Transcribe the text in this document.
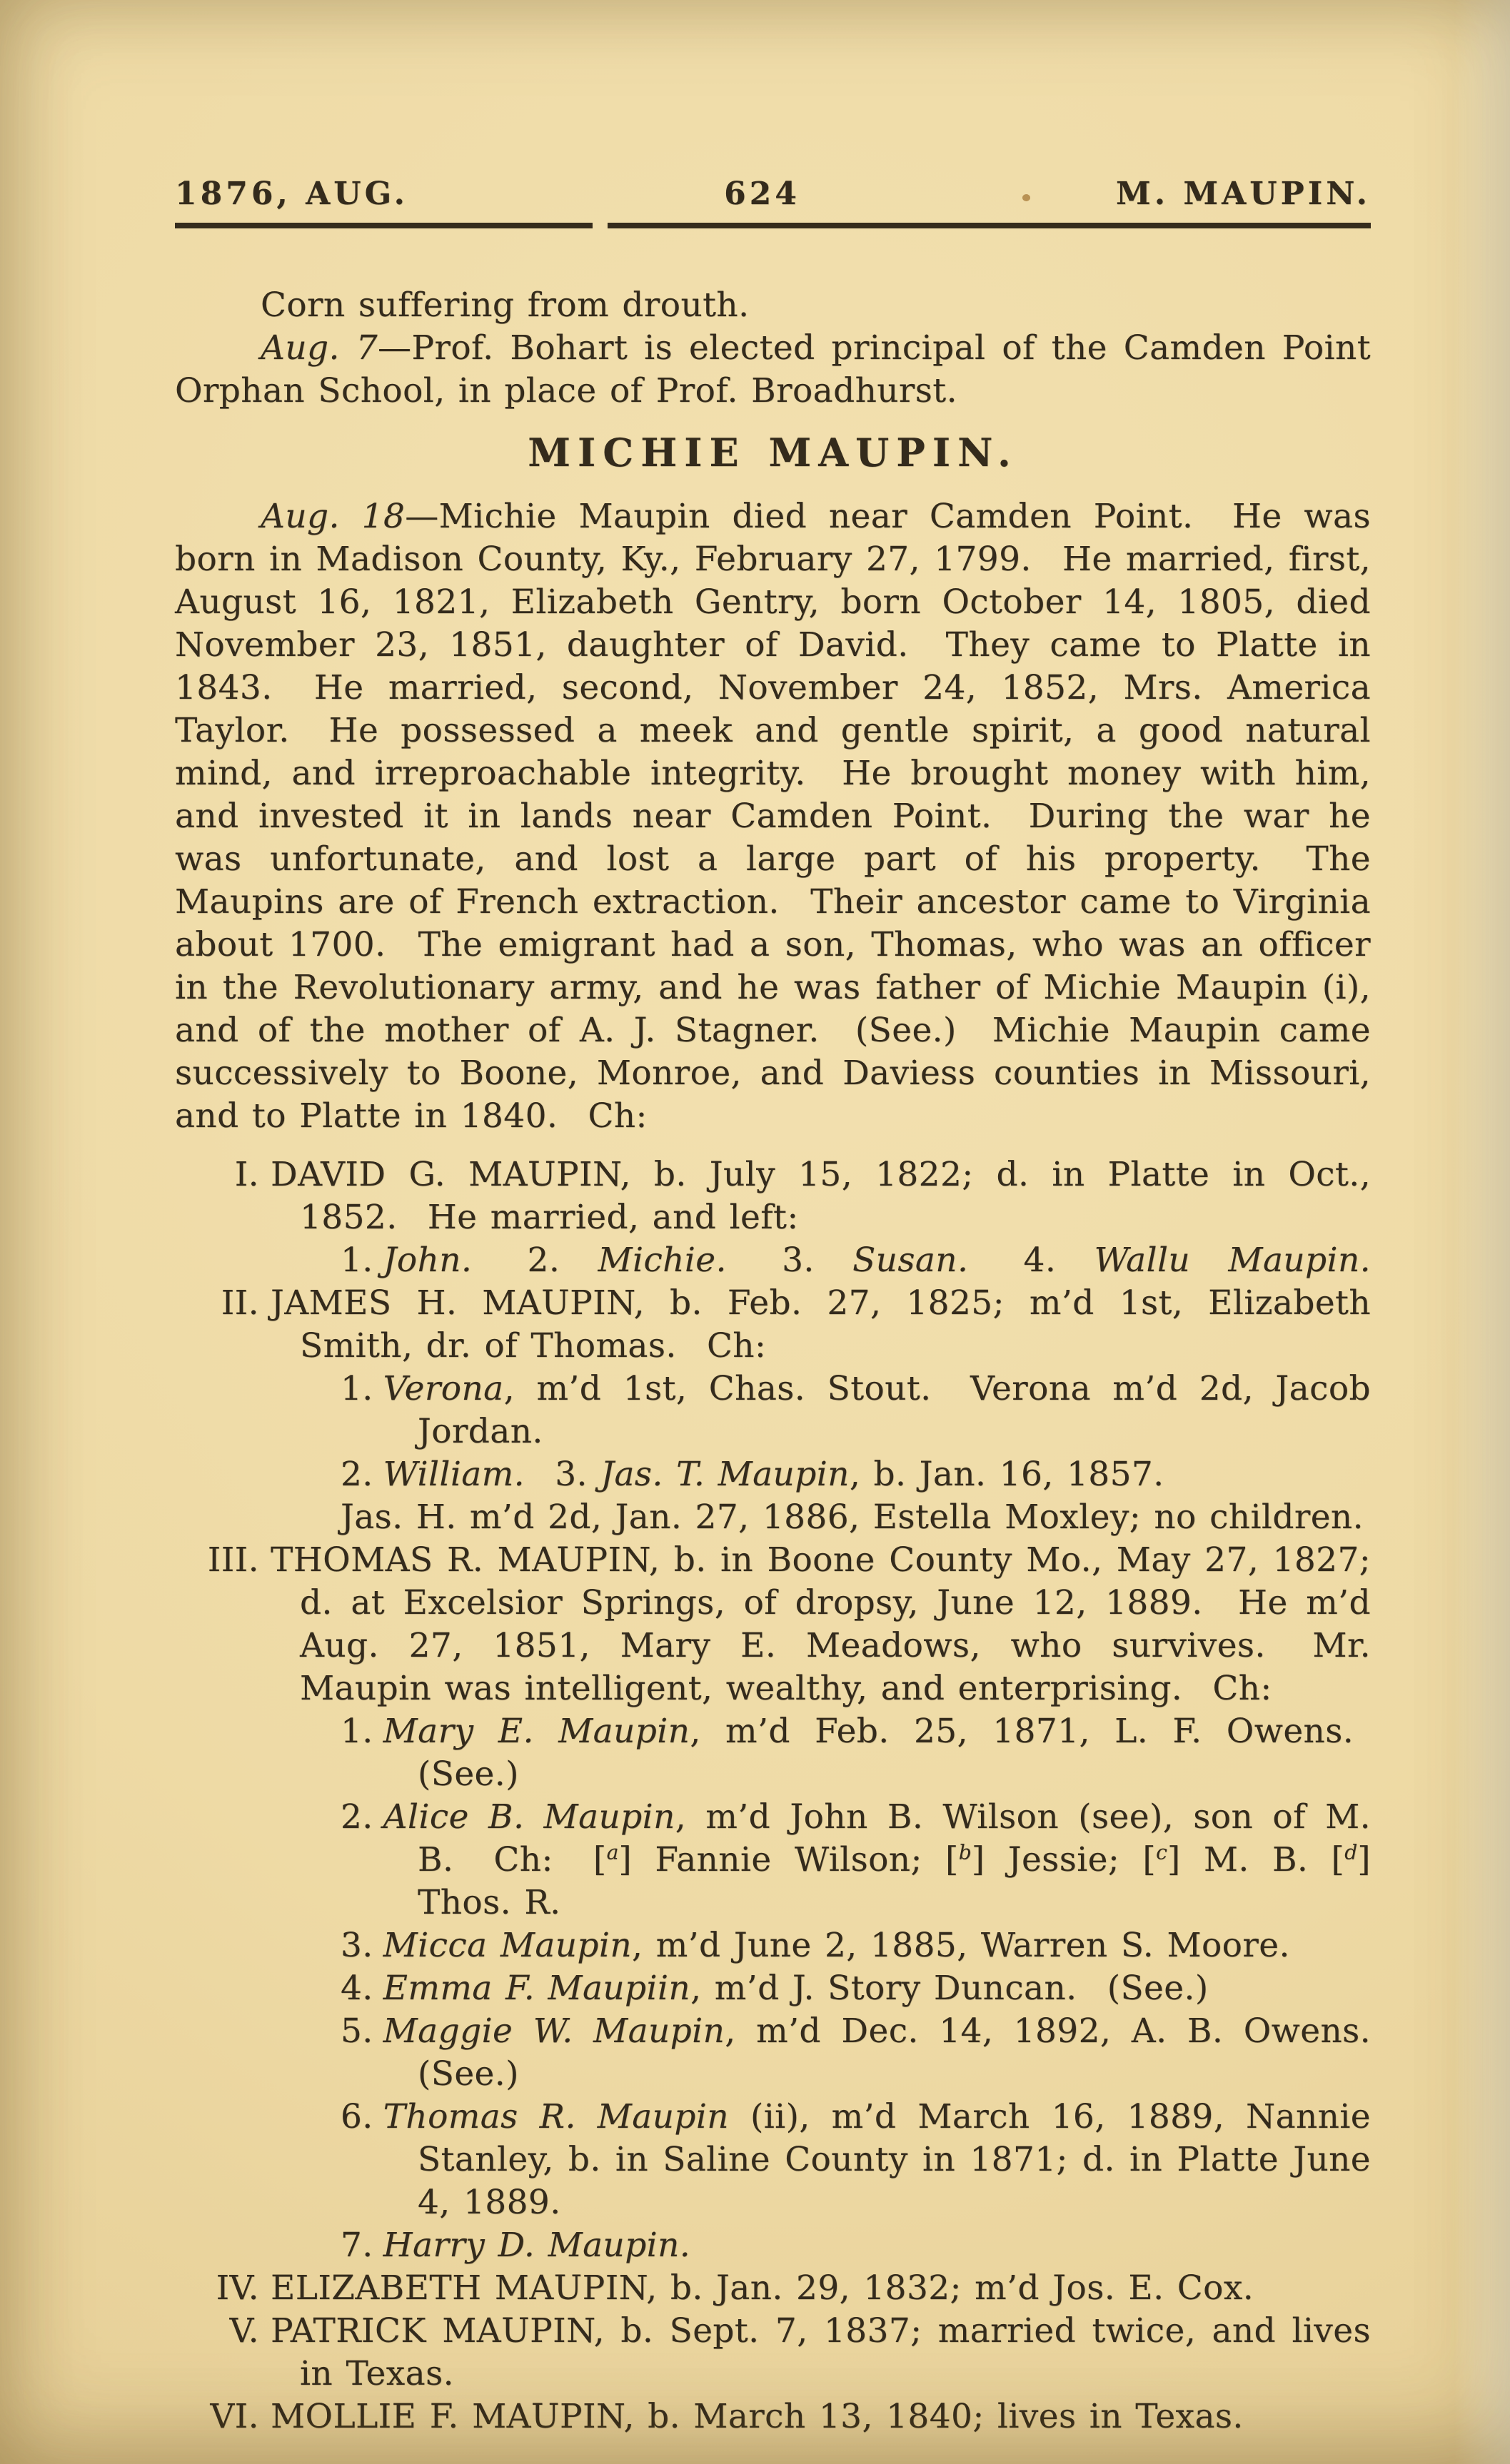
1876, AUG.	624	M. MAUPIN.
Corn suffering from drouth.
Aug. 7—Prof. Bohart is elected principal of the Camden Point Orphan School, in place of Prof. Broadhurst.
MICHIE MAUPIN.
Aug. 18—Michie Maupin died near Camden Point.  He was born in Madison County, Ky., February 27, 1799.  He married, first, August 16, 1821, Elizabeth Gentry, born October 14, 1805, died November 23, 1851, daughter of David.  They came to Platte in 1843.  He married, second, November 24, 1852, Mrs. America Taylor.  He possessed a meek and gentle spirit, a good natural mind, and irreproachable integrity.  He brought money with him, and invested it in lands near Camden Point.  During the war he was unfortunate, and lost a large part of his property.  The Maupins are of French extraction.  Their ancestor came to Virginia about 1700.  The emigrant had a son, Thomas, who was an officer in the Revolutionary army, and he was father of Michie Maupin (i), and of the mother of A. J. Stagner.  (See.)  Michie Maupin came successively to Boone, Monroe, and Daviess counties in Missouri, and to Platte in 1840.  Ch:
I. DAVID G. MAUPIN, b. July 15, 1822; d. in Platte in Oct., 1852.  He married, and left:
1. John.  2. Michie.  3. Susan.  4. Wallu Maupin.
II. JAMES H. MAUPIN, b. Feb. 27, 1825; m’d 1st, Elizabeth Smith, dr. of Thomas.  Ch:
1. Verona, m’d 1st, Chas. Stout.  Verona m’d 2d, Jacob Jordan.
2. William.  3. Jas. T. Maupin, b. Jan. 16, 1857.
Jas. H. m’d 2d, Jan. 27, 1886, Estella Moxley; no children.
III. THOMAS R. MAUPIN, b. in Boone County Mo., May 27, 1827; d. at Excelsior Springs, of dropsy, June 12, 1889.  He m’d Aug. 27, 1851, Mary E. Meadows, who survives.  Mr. Maupin was intelligent, wealthy, and enterprising.  Ch:
1. Mary E. Maupin, m’d Feb. 25, 1871, L. F. Owens.  (See.)
2. Alice B. Maupin, m’d John B. Wilson (see), son of M. B.  Ch:  [$^a$] Fannie Wilson; [$^b$] Jessie; [$^c$] M. B. [$^d$] Thos. R.
3. Micca Maupin, m’d June 2, 1885, Warren S. Moore.
4. Emma F. Maupiin, m’d J. Story Duncan.  (See.)
5. Maggie W. Maupin, m’d Dec. 14, 1892, A. B. Owens. (See.)
6. Thomas R. Maupin (ii), m’d March 16, 1889, Nannie Stanley, b. in Saline County in 1871; d. in Platte June 4, 1889.
7. Harry D. Maupin.
IV. ELIZABETH MAUPIN, b. Jan. 29, 1832; m’d Jos. E. Cox.
V. PATRICK MAUPIN, b. Sept. 7, 1837; married twice, and lives in Texas.
VI. MOLLIE F. MAUPIN, b. March 13, 1840; lives in Texas.
